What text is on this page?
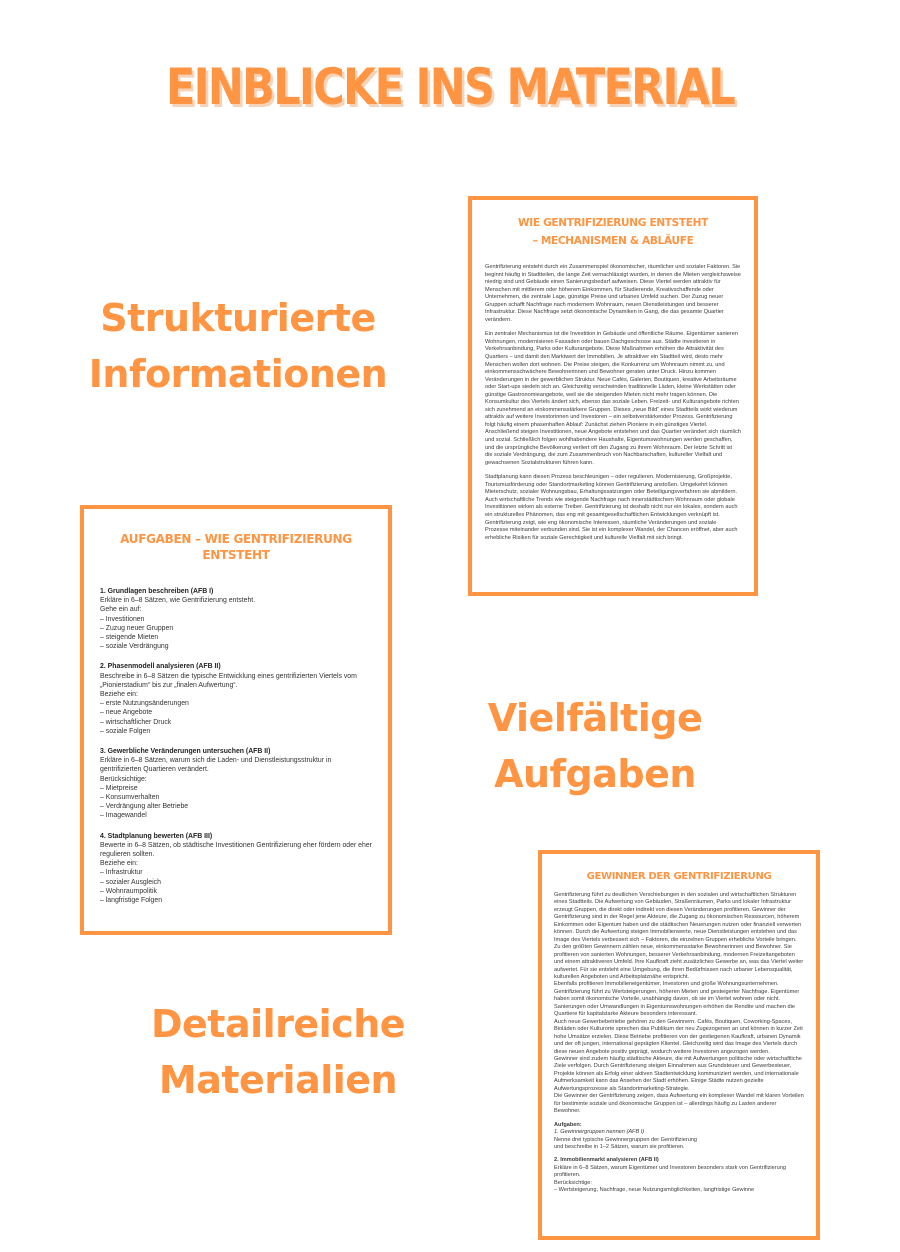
EINBLICKE INS MATERIAL
Strukturierte
Informationen
Vielfältige
Aufgaben
Detailreiche
Materialien
WIE GENTRIFIZIERUNG ENTSTEHT
– MECHANISMEN & ABLÄUFE

Gentrifizierung entsteht durch ein Zusammenspiel ökonomischer, räumlicher und sozialer Faktoren. Sie beginnt häufig in Stadtteilen, die lange Zeit vernachlässigt wurden, in denen die Mieten vergleichsweise niedrig sind und Gebäude einen Sanierungsbedarf aufweisen. Diese Viertel werden attraktiv für Menschen mit mittlerem oder höherem Einkommen, für Studierende, Kreativschaffende oder Unternehmen, die zentrale Lage, günstige Preise und urbanes Umfeld suchen. Der Zuzug neuer Gruppen schafft Nachfrage nach modernem Wohnraum, neuen Dienstleistungen und besserer Infrastruktur. Diese Nachfrage setzt ökonomische Dynamiken in Gang, die das gesamte Quartier verändern.

Ein zentraler Mechanismus ist die Investition in Gebäude und öffentliche Räume. Eigentümer sanieren Wohnungen, modernisieren Fassaden oder bauen Dachgeschosse aus. Städte investieren in Verkehrsanbindung, Parks oder Kulturangebote. Diese Maßnahmen erhöhen die Attraktivität des Quartiers – und damit den Marktwert der Immobilien. Je attraktiver ein Stadtteil wird, desto mehr Menschen wollen dort wohnen. Die Preise steigen, die Konkurrenz um Wohnraum nimmt zu, und einkommensschwächere Bewohnerinnen und Bewohner geraten unter Druck. Hinzu kommen Veränderungen in der gewerblichen Struktur. Neue Cafés, Galerien, Boutiquen, kreative Arbeitsräume oder Start-ups siedeln sich an. Gleichzeitig verschwinden traditionelle Läden, kleine Werkstätten oder günstige Gastronomieangebote, weil sie die steigenden Mieten nicht mehr tragen können. Die Konsumkultur des Viertels ändert sich, ebenso das soziale Leben. Freizeit- und Kulturangebote richten sich zunehmend an einkommensstärkere Gruppen. Dieses „neue Bild“ eines Stadtteils wirkt wiederum attraktiv auf weitere Investorinnen und Investoren – ein selbstverstärkender Prozess. Gentrifizierung folgt häufig einem phasenhaften Ablauf: Zunächst ziehen Pioniere in ein günstiges Viertel. Anschließend steigen Investitionen, neue Angebote entstehen und das Quartier verändert sich räumlich und sozial. Schließlich folgen wohlhabendere Haushalte, Eigentumswohnungen werden geschaffen, und die ursprüngliche Bevölkerung verliert oft den Zugang zu ihrem Wohnraum. Der letzte Schritt ist die soziale Verdrängung, die zum Zusammenbruch von Nachbarschaften, kultureller Vielfalt und gewachsenen Sozialstrukturen führen kann.

Stadtplanung kann diesen Prozess beschleunigen – oder regulieren. Modernisierung, Großprojekte, Tourismusförderung oder Standortmarketing können Gentrifizierung anstoßen. Umgekehrt können Mieterschutz, sozialer Wohnungsbau, Erhaltungssatzungen oder Beteiligungsverfahren sie abmildern. Auch wirtschaftliche Trends wie steigende Nachfrage nach innerstädtischem Wohnraum oder globale Investitionen wirken als externe Treiber. Gentrifizierung ist deshalb nicht nur ein lokales, sondern auch ein strukturelles Phänomen, das eng mit gesamtgesellschaftlichen Entwicklungen verknüpft ist. Gentrifizierung zeigt, wie eng ökonomische Interessen, räumliche Veränderungen und soziale Prozesse miteinander verbunden sind. Sie ist ein komplexer Wandel, der Chancen eröffnet, aber auch erhebliche Risiken für soziale Gerechtigkeit und kulturelle Vielfalt mit sich bringt.

AUFGABEN – WIE GENTRIFIZIERUNG ENTSTEHT
1. Grundlagen beschreiben (AFB I)
Erkläre in 6–8 Sätzen, wie Gentrifizierung entsteht.
Gehe ein auf:
– Investitionen
– Zuzug neuer Gruppen
– steigende Mieten
– soziale Verdrängung
2. Phasenmodell analysieren (AFB II)
Beschreibe in 6–8 Sätzen die typische Entwicklung eines gentrifizierten Viertels vom „Pionierstadium“ bis zur „finalen Aufwertung“.
Beziehe ein:
– erste Nutzungsänderungen
– neue Angebote
– wirtschaftlicher Druck
– soziale Folgen
3. Gewerbliche Veränderungen untersuchen (AFB II)
Erkläre in 6–8 Sätzen, warum sich die Laden- und Dienstleistungsstruktur in gentrifizierten Quartieren verändert.
Berücksichtige:
– Mietpreise
– Konsumverhalten
– Verdrängung alter Betriebe
– Imagewandel
4. Stadtplanung bewerten (AFB III)
Bewerte in 6–8 Sätzen, ob städtische Investitionen Gentrifizierung eher fördern oder eher regulieren sollten.
Beziehe ein:
– Infrastruktur
– sozialer Ausgleich
– Wohnraumpolitik
– langfristige Folgen
GEWINNER DER GENTRIFIZIERUNG

Gentrifizierung führt zu deutlichen Verschiebungen in den sozialen und wirtschaftlichen Strukturen eines Stadtteils. Die Aufwertung von Gebäuden, Straßenräumen, Parks und lokaler Infrastruktur erzeugt Gruppen, die direkt oder indirekt von diesen Veränderungen profitieren. Gewinner der Gentrifizierung sind in der Regel jene Akteure, die Zugang zu ökonomischen Ressourcen, höherem Einkommen oder Eigentum haben und die städtischen Neuerungen nutzen oder finanziell verwerten können. Durch die Aufwertung steigen Immobilienwerte, neue Dienstleistungen entstehen und das Image des Viertels verbessert sich – Faktoren, die einzelnen Gruppen erhebliche Vorteile bringen.

Zu den größten Gewinnern zählen neue, einkommensstarke Bewohnerinnen und Bewohner. Sie profitieren von sanierten Wohnungen, besserer Verkehrsanbindung, modernen Freizeitangeboten und einem attraktiveren Umfeld. Ihre Kaufkraft zieht zusätzliches Gewerbe an, was das Viertel weiter aufwertet. Für sie entsteht eine Umgebung, die ihren Bedürfnissen nach urbaner Lebensqualität, kulturellen Angeboten und Arbeitsplatznähe entspricht.

Ebenfalls profitieren Immobilieneigentümer, Investoren und große Wohnungsunternehmen. Gentrifizierung führt zu Wertsteigerungen, höheren Mieten und gesteigerter Nachfrage. Eigentümer haben somit ökonomische Vorteile, unabhängig davon, ob sie im Viertel wohnen oder nicht. Sanierungen oder Umwandlungen in Eigentumswohnungen erhöhen die Rendite und machen die Quartiere für kapitalstarke Akteure besonders interessant.

Auch neue Gewerbebetriebe gehören zu den Gewinnern. Cafés, Boutiquen, Coworking-Spaces, Bioläden oder Kulturorte sprechen das Publikum der neu Zugezogenen an und können in kurzer Zeit hohe Umsätze erzielen. Diese Betriebe profitieren von der gestiegenen Kaufkraft, urbanen Dynamik und der oft jungen, international geprägten Klientel. Gleichzeitig wird das Image des Viertels durch diese neuen Angebote positiv geprägt, wodurch weitere Investoren angezogen werden.

Gewinner sind zudem häufig städtische Akteure, die mit Aufwertungen politische oder wirtschaftliche Ziele verfolgen. Durch Gentrifizierung steigen Einnahmen aus Grundsteuer und Gewerbesteuer, Projekte können als Erfolg einer aktiven Stadtentwicklung kommuniziert werden, und internationale Aufmerksamkeit kann das Ansehen der Stadt erhöhen. Einige Städte nutzen gezielte Aufwertungsprozesse als Standortmarketing-Strategie.

Die Gewinner der Gentrifizierung zeigen, dass Aufwertung ein komplexer Wandel mit klaren Vorteilen für bestimmte soziale und ökonomische Gruppen ist – allerdings häufig zu Lasten anderer Bewohner.

Aufgaben:

1. Gewinnergruppen nennen (AFB I)

Nenne drei typische Gewinnergruppen der Gentrifizierung

und beschreibe in 1–2 Sätzen, warum sie profitieren.

2. Immobilienmarkt analysieren (AFB II)

Erkläre in 6–8 Sätzen, warum Eigentümer und Investoren besonders stark von Gentrifizierung profitieren.

Berücksichtige:

– Wertsteigerung, Nachfrage, neue Nutzungsmöglichkeiten, langfristige Gewinne
